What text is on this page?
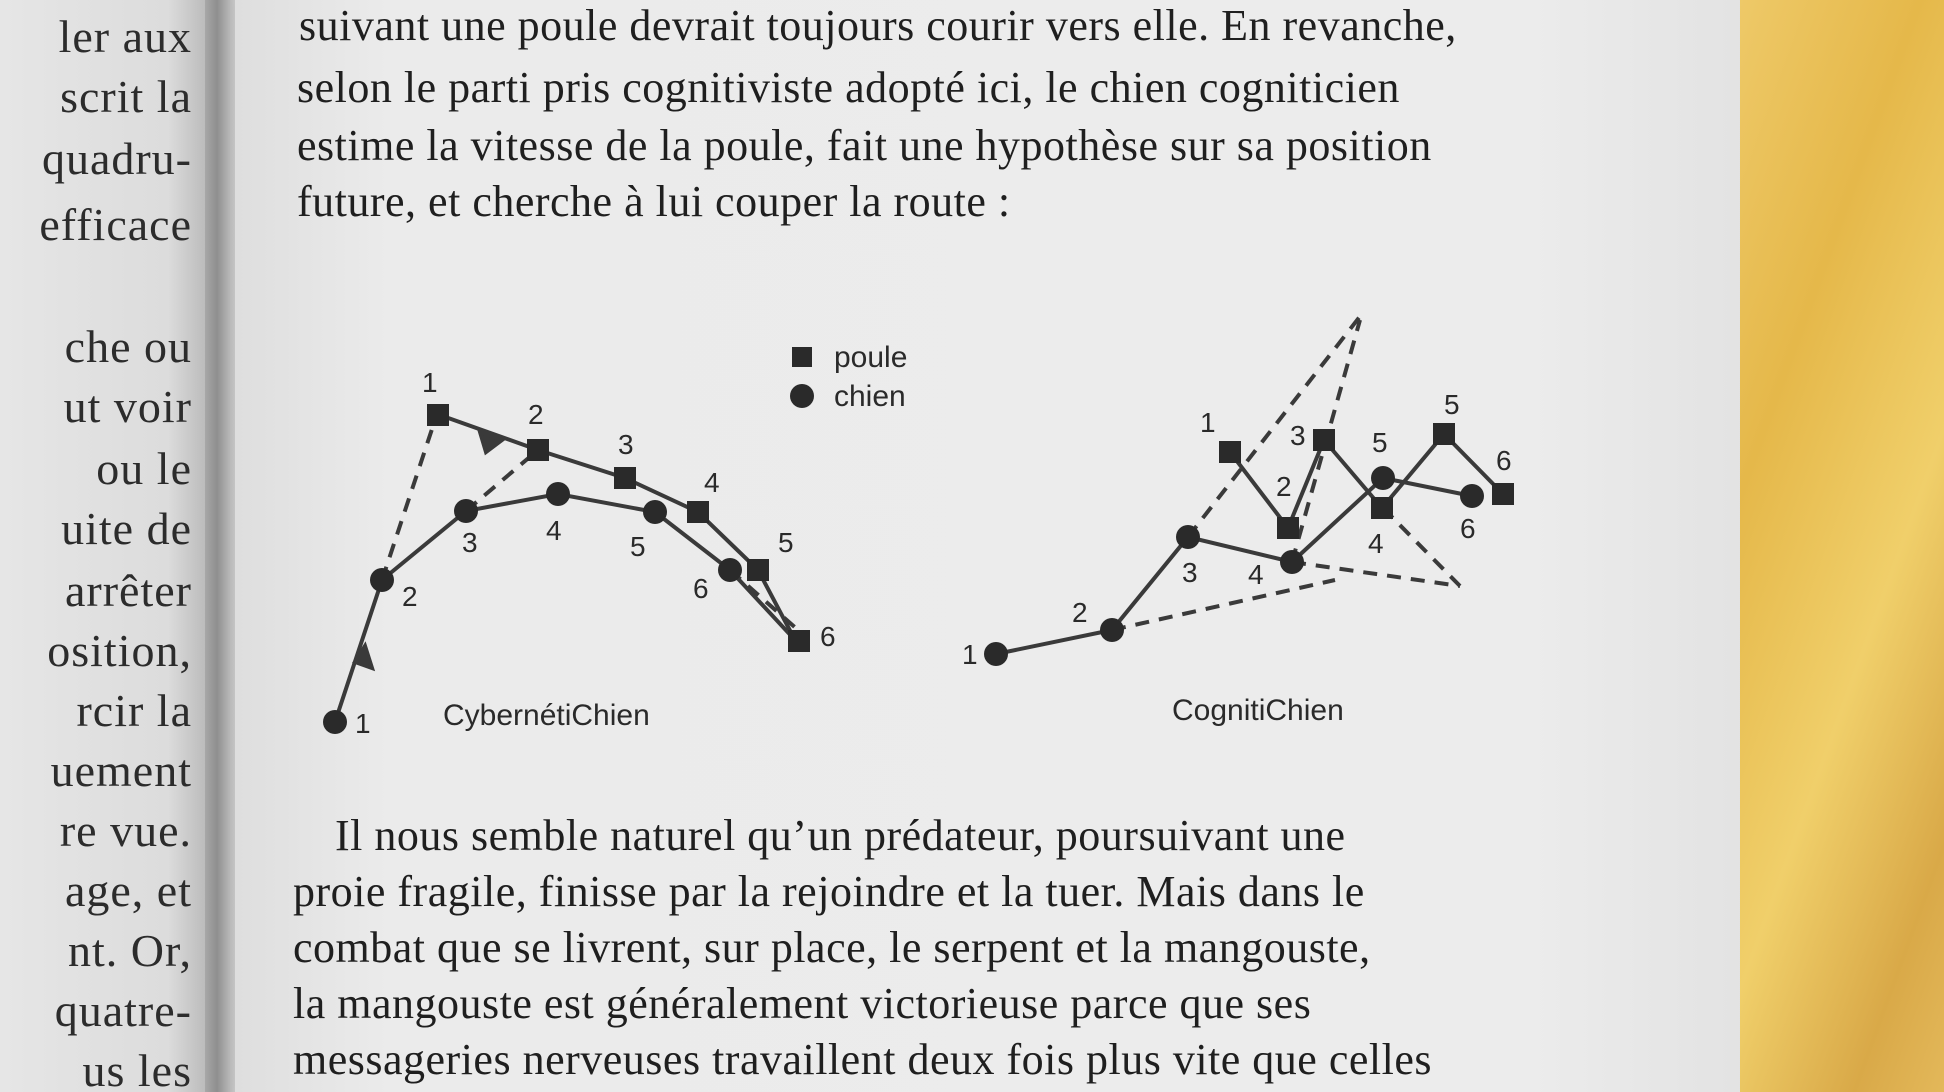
ler aux
scrit la
quadru-
efficace
che ou
ut voir
ou le
uite de
arrêter
osition,
rcir la
uement
re vue.
age, et
nt. Or,
quatre-
us les
suivant une poule devrait toujours courir vers elle. En revanche,
selon le parti pris cognitiviste adopté ici, le chien cogniticien
estime la vitesse de la poule, fait une hypothèse sur sa position
future, et cherche à lui couper la route :
Il nous semble naturel qu’un prédateur, poursuivant une
proie fragile, finisse par la rejoindre et la tuer. Mais dans le
combat que se livrent, sur place, le serpent et la mangouste,
la mangouste est généralement victorieuse parce que ses
messageries nerveuses travaillent deux fois plus vite que celles
poule
chien
1
2
3 4
5
6
1
2
3
4
5
6
CybernétiChien
1
2
3 4
5
6
1
2
3
4
5
6
CognitiChien
